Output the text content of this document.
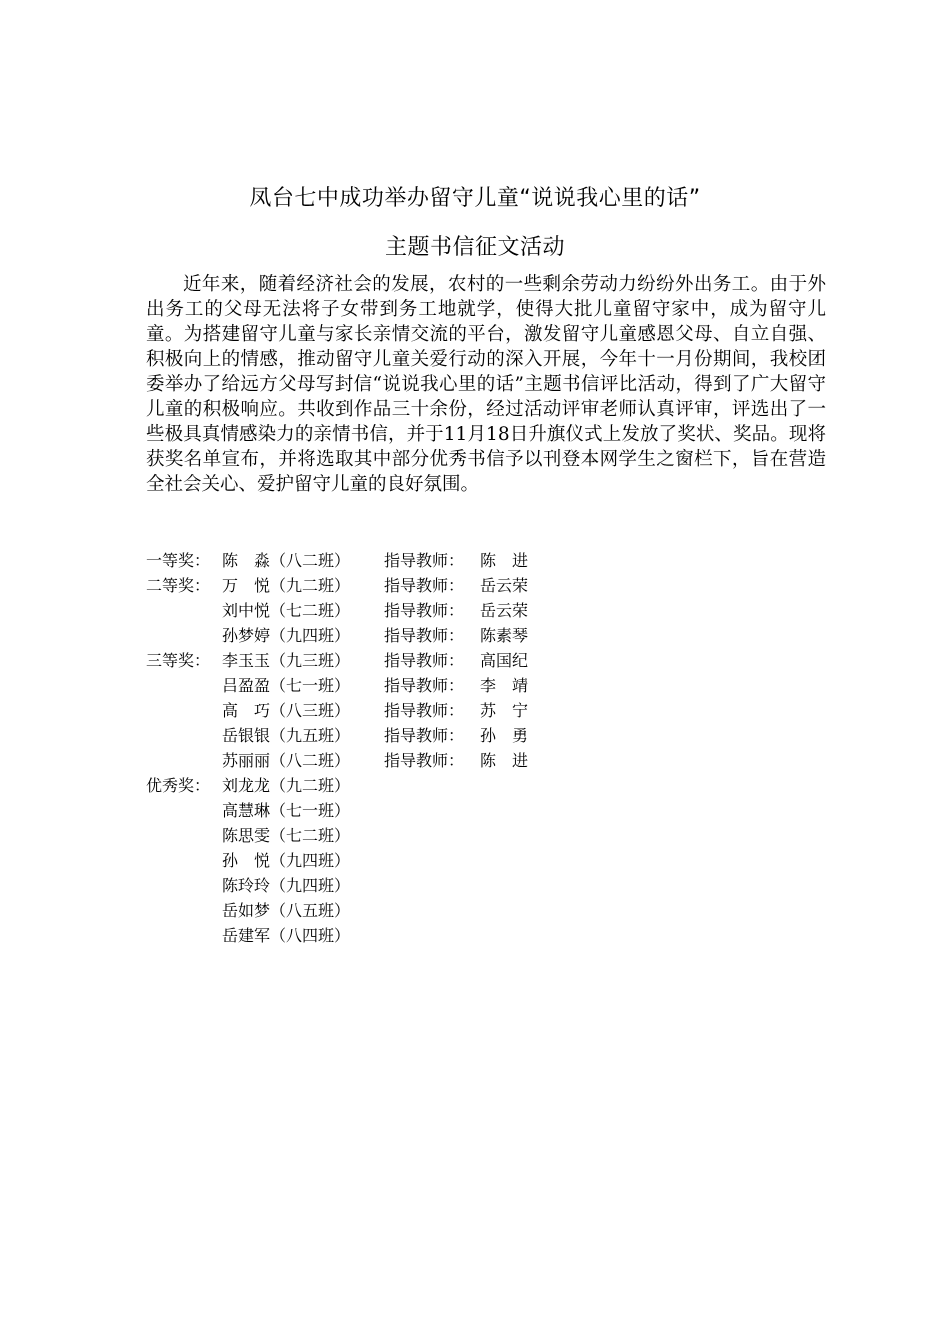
凤台七中成功举办留守儿童“说说我心里的话”
主题书信征文活动

近年来，随着经济社会的发展，农村的一些剩余劳动力纷纷外出务工。由于外出务工的父母无法将子女带到务工地就学，使得大批儿童留守家中，成为留守儿童。为搭建留守儿童与家长亲情交流的平台，激发留守儿童感恩父母、自立自强、积极向上的情感，推动留守儿童关爱行动的深入开展，今年十一月份期间，我校团委举办了给远方父母写封信“说说我心里的话”主题书信评比活动，得到了广大留守儿童的积极响应。共收到作品三十余份，经过活动评审老师认真评审，评选出了一些极具真情感染力的亲情书信，并于11月18日升旗仪式上发放了奖状、奖品。现将获奖名单宣布，并将选取其中部分优秀书信予以刊登本网学生之窗栏下，旨在营造全社会关心、爱护留守儿童的良好氛围。

一等奖： 陈　淼（八二班） 指导教师： 陈　进
二等奖： 万　悦（九二班） 指导教师： 岳云荣
刘中悦（七二班） 指导教师： 岳云荣
孙梦婷（九四班） 指导教师： 陈素琴
三等奖： 李玉玉（九三班） 指导教师： 高国纪
吕盈盈（七一班） 指导教师： 李　靖
高　巧（八三班） 指导教师： 苏　宁
岳银银（九五班） 指导教师： 孙　勇
苏丽丽（八二班） 指导教师： 陈　进
优秀奖： 刘龙龙（九二班）
高慧琳（七一班）
陈思雯（七二班）
孙　悦（九四班）
陈玲玲（九四班）
岳如梦（八五班）
岳建军（八四班）
